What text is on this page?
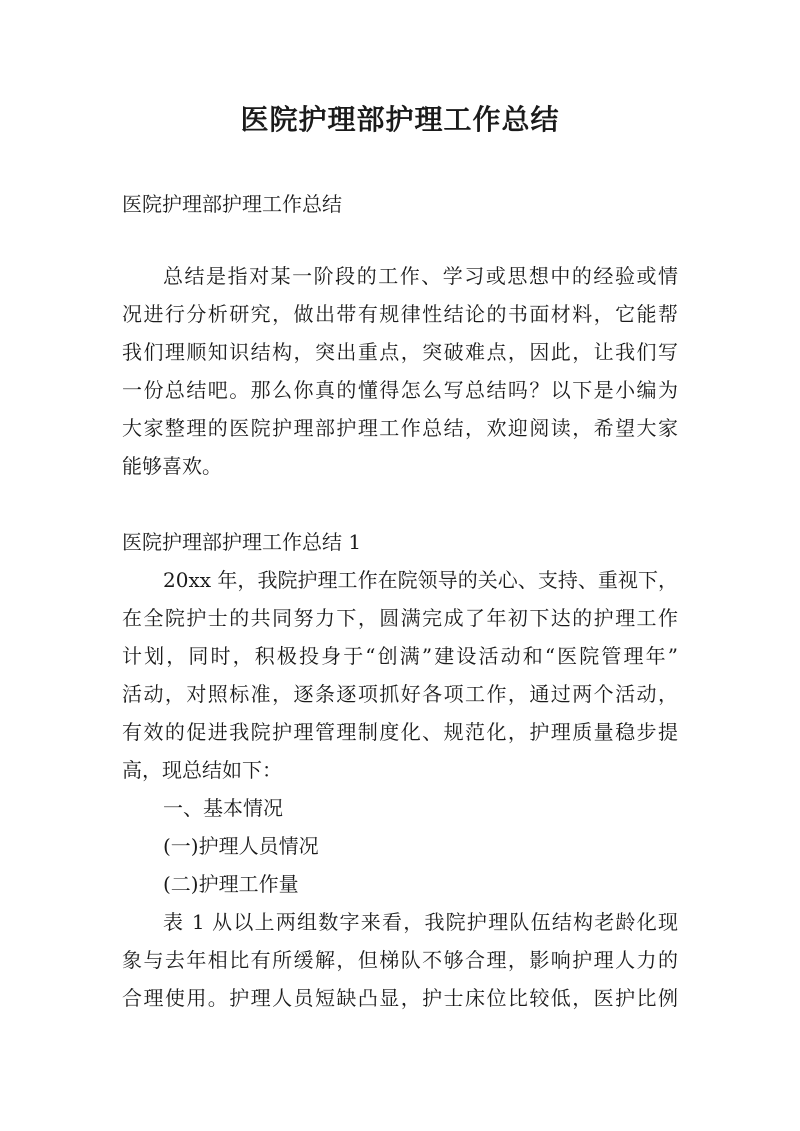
医院护理部护理工作总结

医院护理部护理工作总结

总结是指对某一阶段的工作、学习或思想中的经验或情

况进行分析研究，做出带有规律性结论的书面材料，它能帮

我们理顺知识结构，突出重点，突破难点，因此，让我们写

一份总结吧。那么你真的懂得怎么写总结吗？以下是小编为

大家整理的医院护理部护理工作总结，欢迎阅读，希望大家

能够喜欢。

医院护理部护理工作总结 1

20xx 年，我院护理工作在院领导的关心、支持、重视下，

在全院护士的共同努力下，圆满完成了年初下达的护理工作

计划，同时，积极投身于“创满”建设活动和“医院管理年”

活动，对照标准，逐条逐项抓好各项工作，通过两个活动，

有效的促进我院护理管理制度化、规范化，护理质量稳步提

高，现总结如下：

一、基本情况

(一)护理人员情况

(二)护理工作量

表 1 从以上两组数字来看，我院护理队伍结构老龄化现

象与去年相比有所缓解，但梯队不够合理，影响护理人力的

合理使用。护理人员短缺凸显，护士床位比较低，医护比例
